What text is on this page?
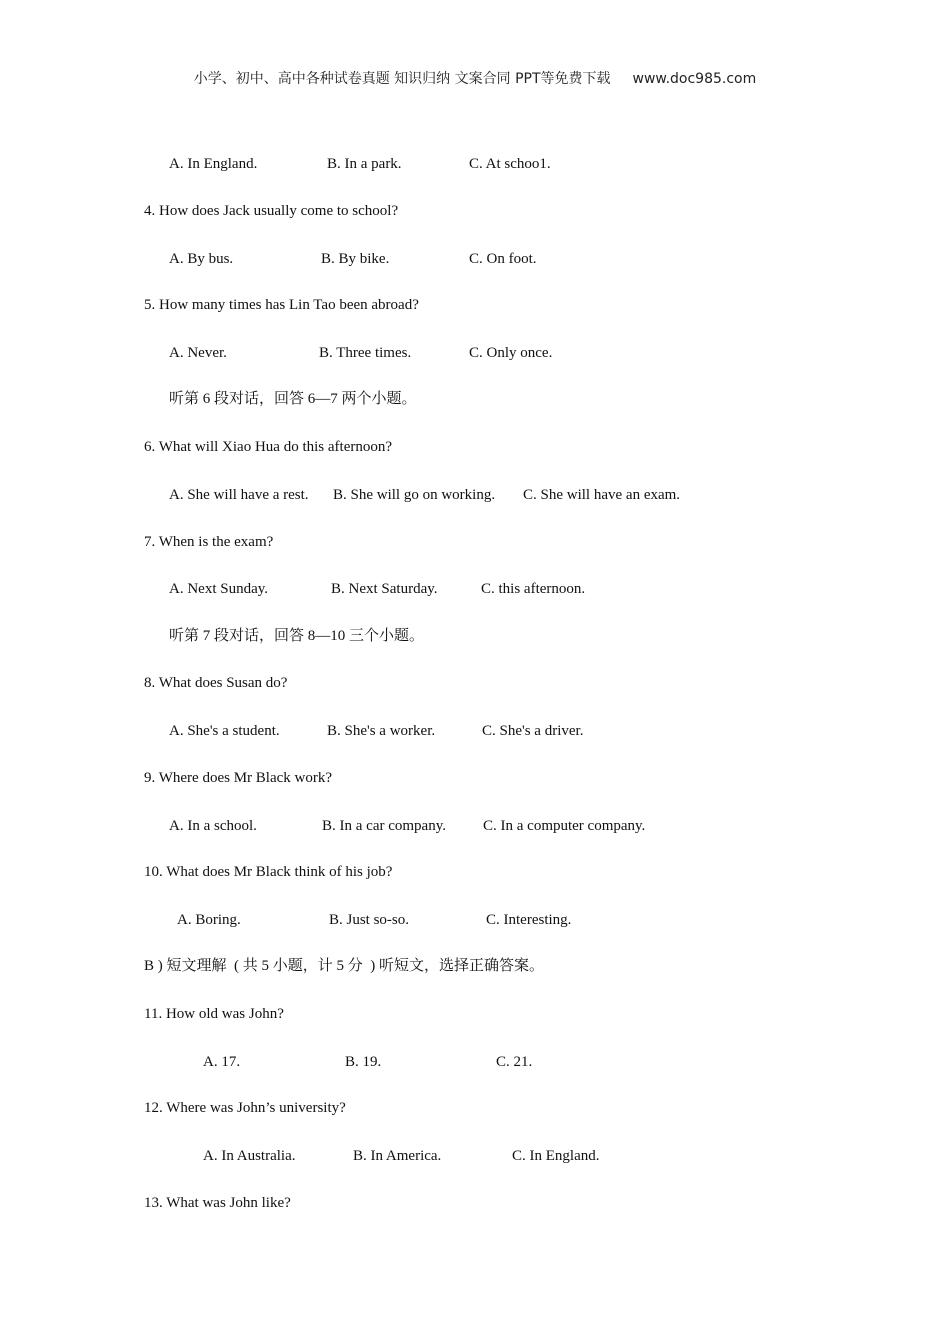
小学、初中、高中各种试卷真题 知识归纳 文案合同 PPT等免费下载 www.doc985.com
A. In England.	B. In a park.	C. At schoo1.
4. How does Jack usually come to school?
A. By bus.	B. By bike.	C. On foot.
5. How many times has Lin Tao been abroad?
A. Never.	B. Three times.	C. Only once.
听第 6 段对话，回答 6—7 两个小题。
6. What will Xiao Hua do this afternoon?
A. She will have a rest. B. She will go on working. C. She will have an exam.
7. When is the exam?
A. Next Sunday.	B. Next Saturday.	C. this afternoon.
听第 7 段对话，回答 8—10 三个小题。
8. What does Susan do?
A. She's a student.	B. She's a worker.	C. She's a driver.
9. Where does Mr Black work?
A. In a school.	B. In a car company. C. In a computer company.
10. What does Mr Black think of his job?
A. Boring.	B. Just so-so.	C. Interesting.
B ) 短文理解  ( 共 5 小题，计 5 分  ) 听短文，选择正确答案。
11. How old was John?
A. 17.	B. 19.	C. 21.
12. Where was John’s university?
A. In Australia.	B. In America.	C. In England.
13. What was John like?
